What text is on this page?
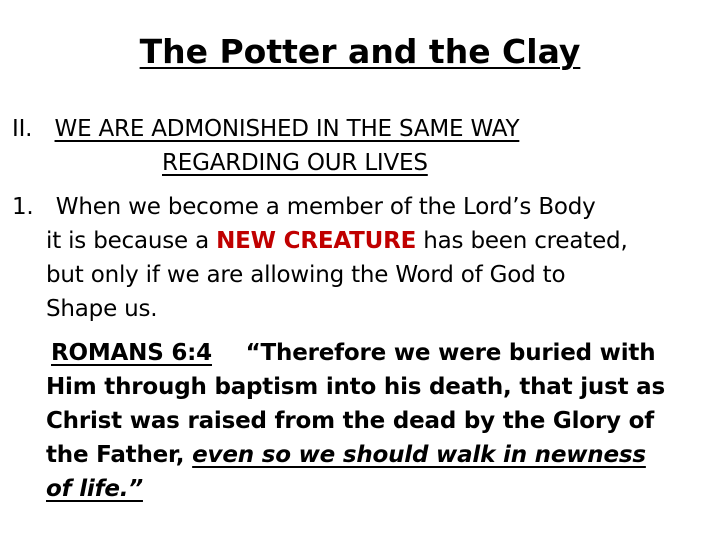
The Potter and the Clay
II. WE ARE ADMONISHED IN THE SAME WAY
REGARDING OUR LIVES
1. When we become a member of the Lord’s Body
it is because a NEW CREATURE has been created,
but only if we are allowing the Word of God to
Shape us.
ROMANS 6:4 “Therefore we were buried with
Him through baptism into his death, that just as
Christ was raised from the dead by the Glory of
the Father, even so we should walk in newness
of life.”
